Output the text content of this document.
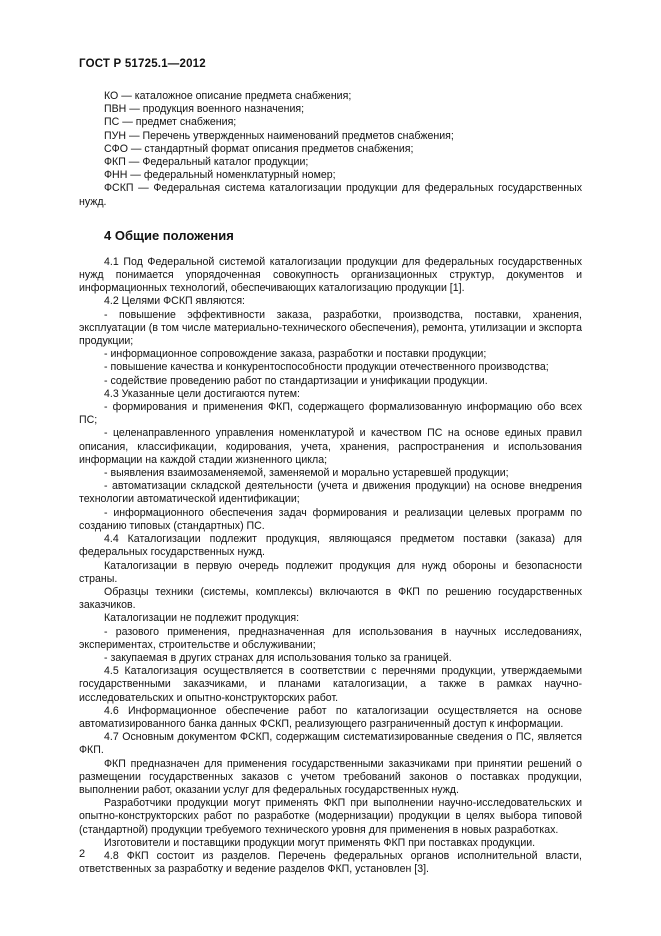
ГОСТ Р 51725.1—2012

КО — каталожное описание предмета снабжения;

ПВН — продукция военного назначения;

ПС — предмет снабжения;

ПУН — Перечень утвержденных наименований предметов снабжения;

СФО — стандартный формат описания предметов снабжения;

ФКП — Федеральный каталог продукции;

ФНН — федеральный номенклатурный номер;

ФСКП — Федеральная система каталогизации продукции для федеральных государственных нужд.

4 Общие положения

4.1 Под Федеральной системой каталогизации продукции для федеральных государственных нужд понимается упорядоченная совокупность организационных структур, документов и информационных технологий, обеспечивающих каталогизацию продукции [1].

4.2 Целями ФСКП являются:

- повышение эффективности заказа, разработки, производства, поставки, хранения, эксплуатации (в том числе материально-технического обеспечения), ремонта, утилизации и экспорта продукции;

- информационное сопровождение заказа, разработки и поставки продукции;

- повышение качества и конкурентоспособности продукции отечественного производства;

- содействие проведению работ по стандартизации и унификации продукции.

4.3 Указанные цели достигаются путем:

- формирования и применения ФКП, содержащего формализованную информацию обо всех ПС;

- целенаправленного управления номенклатурой и качеством ПС на основе единых правил описания, классификации, кодирования, учета, хранения, распространения и использования информации на каждой стадии жизненного цикла;

- выявления взаимозаменяемой, заменяемой и морально устаревшей продукции;

- автоматизации складской деятельности (учета и движения продукции) на основе внедрения технологии автоматической идентификации;

- информационного обеспечения задач формирования и реализации целевых программ по созданию типовых (стандартных) ПС.

4.4 Каталогизации подлежит продукция, являющаяся предметом поставки (заказа) для федеральных государственных нужд.

Каталогизации в первую очередь подлежит продукция для нужд обороны и безопасности страны.

Образцы техники (системы, комплексы) включаются в ФКП по решению государственных заказчиков.

Каталогизации не подлежит продукция:

- разового применения, предназначенная для использования в научных исследованиях, экспериментах, строительстве и обслуживании;

- закупаемая в других странах для использования только за границей.

4.5 Каталогизация осуществляется в соответствии с перечнями продукции, утверждаемыми государственными заказчиками, и планами каталогизации, а также в рамках научно-исследовательских и опытно-конструкторских работ.

4.6 Информационное обеспечение работ по каталогизации осуществляется на основе автоматизированного банка данных ФСКП, реализующего разграниченный доступ к информации.

4.7 Основным документом ФСКП, содержащим систематизированные сведения о ПС, является ФКП.

ФКП предназначен для применения государственными заказчиками при принятии решений о размещении государственных заказов с учетом требований законов о поставках продукции, выполнении работ, оказании услуг для федеральных государственных нужд.

Разработчики продукции могут применять ФКП при выполнении научно-исследовательских и опытно-конструкторских работ по разработке (модернизации) продукции в целях выбора типовой (стандартной) продукции требуемого технического уровня для применения в новых разработках.

Изготовители и поставщики продукции могут применять ФКП при поставках продукции.

4.8 ФКП состоит из разделов. Перечень федеральных органов исполнительной власти, ответственных за разработку и ведение разделов ФКП, установлен [3].

2
